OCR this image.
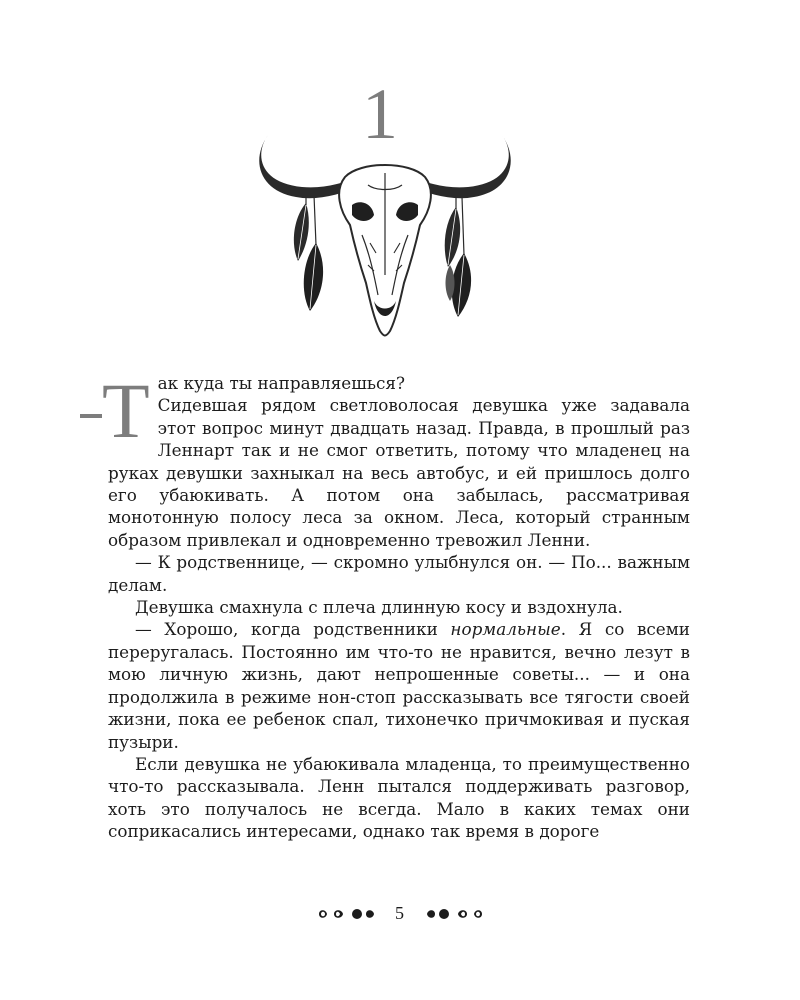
1
Т ак куда ты направляешься?
Сидевшая рядом светловолосая девушка уже задавала этот вопрос минут двадцать назад. Правда, в прошлый раз Леннарт так и не смог ответить, потому что младенец на руках девушки захныкал на весь автобус, и ей пришлось долго его убаюкивать. А потом она забылась, рассматривая монотонную полосу леса за окном. Леса, который странным образом привлекал и одновременно тревожил Ленни.

— К родственнице, — скромно улыбнулся он. — По... важным делам.

Девушка смахнула с плеча длинную косу и вздохнула.

— Хорошо, когда родственники нормальные. Я со всеми переругалась. Постоянно им что-то не нравится, вечно лезут в мою личную жизнь, дают непрошенные советы... — и она продолжила в режиме нон-стоп рассказывать все тягости своей жизни, пока ее ребенок спал, тихонечко причмокивая и пуская пузыри.

Если девушка не убаюкивала младенца, то преимущественно что-то рассказывала. Ленн пытался поддерживать разговор, хоть это получалось не всегда. Мало в каких темах они соприкасались интересами, однако так время в дороге

5
